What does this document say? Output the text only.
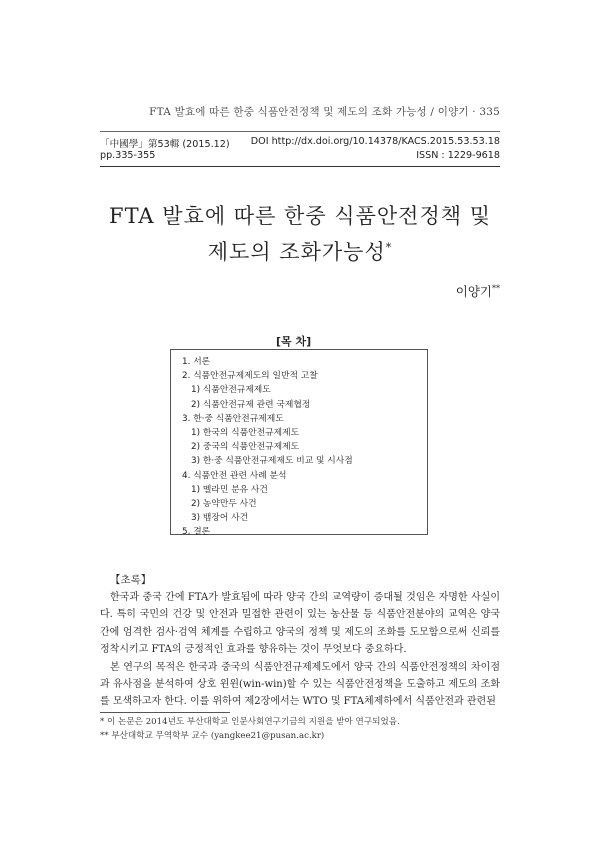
FTA 발효에 따른 한중 식품안전정책 및 제도의 조화 가능성 / 이양기 · 335
「中國學」第53輯 (2015.12) DOI http://dx.doi.org/10.14378/KACS.2015.53.53.18
pp.335-355	ISSN : 1229-9618
FTA 발효에 따른 한중 식품안전정책 및
제도의 조화가능성*
이양기**
[목 차]
1. 서론
2. 식품안전규제제도의 일반적 고찰
1) 식품안전규제제도
2) 식품안전규제 관련 국제협정
3. 한·중 식품안전규제제도
1) 한국의 식품안전규제제도
2) 중국의 식품안전규제제도
3) 한·중 식품안전규제제도 비교 및 시사점
4. 식품안전 관련 사례 분석
1) 멜라민 분유 사건
2) 농약만두 사건
3) 뱀장어 사건
5. 결론
【초록】

한국과 중국 간에 FTA가 발효됨에 따라 양국 간의 교역량이 증대될 것임은 자명한 사실이다. 특히 국민의 건강 및 안전과 밀접한 관련이 있는 농산물 등 식품안전분야의 교역은 양국 간에 엄격한 검사·검역 체계를 수립하고 양국의 정책 및 제도의 조화를 도모함으로써 신뢰를 정착시키고 FTA의 긍정적인 효과를 향유하는 것이 무엇보다 중요하다.

본 연구의 목적은 한국과 중국의 식품안전규제제도에서 양국 간의 식품안전정책의 차이점과 유사점을 분석하여 상호 윈윈(win-win)할 수 있는 식품안전정책을 도출하고 제도의 조화를 모색하고자 한다. 이를 위하여 제2장에서는 WTO 및 FTA체제하에서 식품안전과 관련된

* 이 논문은 2014년도 부산대학교 인문사회연구기금의 지원을 받아 연구되었음.
** 부산대학교 무역학부 교수 (yangkee21@pusan.ac.kr)
